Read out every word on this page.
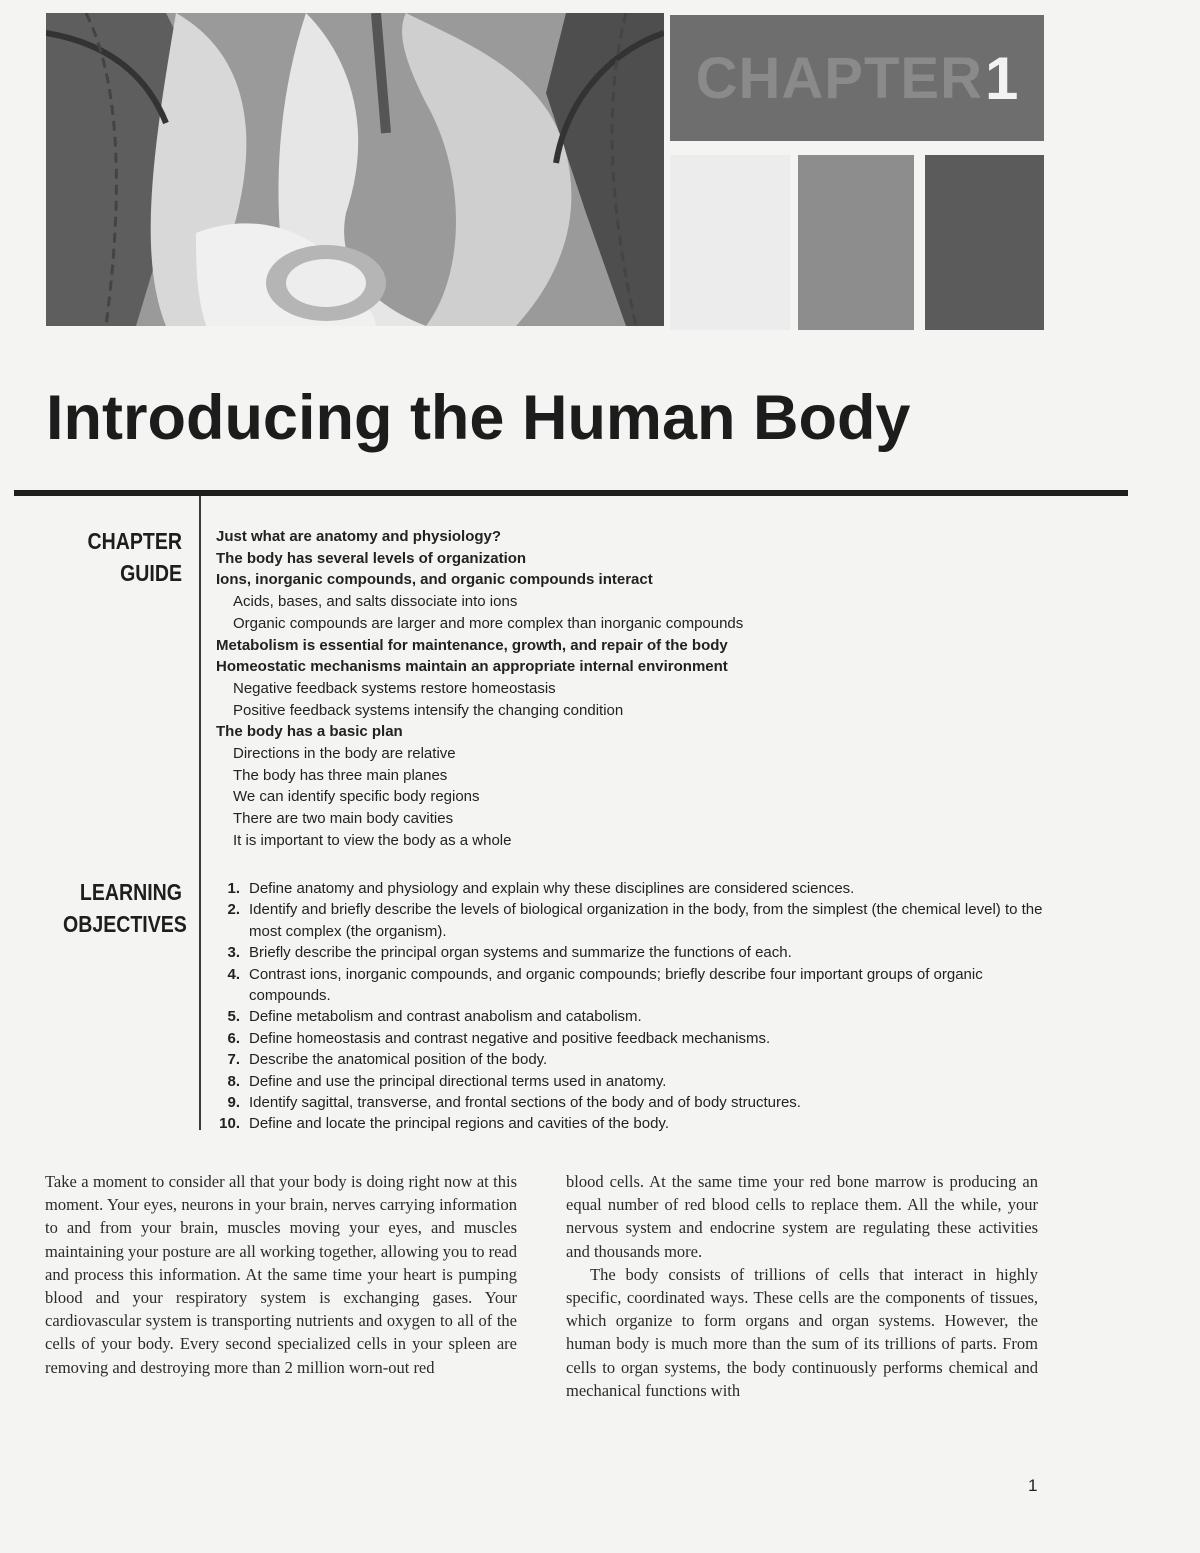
CHAPTER 1
Introducing the Human Body
CHAPTER
GUIDE
Just what are anatomy and physiology?
The body has several levels of organization
Ions, inorganic compounds, and organic compounds interact
Acids, bases, and salts dissociate into ions
Organic compounds are larger and more complex than inorganic compounds
Metabolism is essential for maintenance, growth, and repair of the body
Homeostatic mechanisms maintain an appropriate internal environment
Negative feedback systems restore homeostasis
Positive feedback systems intensify the changing condition
The body has a basic plan
Directions in the body are relative
The body has three main planes
We can identify specific body regions
There are two main body cavities
It is important to view the body as a whole
LEARNING
OBJECTIVES
1. Define anatomy and physiology and explain why these disciplines are considered sciences.
2. Identify and briefly describe the levels of biological organization in the body, from the simplest (the chemical level) to the most complex (the organism).
3. Briefly describe the principal organ systems and summarize the functions of each.
4. Contrast ions, inorganic compounds, and organic compounds; briefly describe four important groups of organic compounds.
5. Define metabolism and contrast anabolism and catabolism.
6. Define homeostasis and contrast negative and positive feedback mechanisms.
7. Describe the anatomical position of the body.
8. Define and use the principal directional terms used in anatomy.
9. Identify sagittal, transverse, and frontal sections of the body and of body structures.
10. Define and locate the principal regions and cavities of the body.

Take a moment to consider all that your body is doing right now at this moment. Your eyes, neurons in your brain, nerves carrying information to and from your brain, muscles moving your eyes, and muscles maintaining your posture are all working together, allowing you to read and process this information. At the same time your heart is pumping blood and your respiratory system is exchanging gases. Your cardiovascular system is transporting nutrients and oxygen to all of the cells of your body. Every second specialized cells in your spleen are removing and destroying more than 2 million worn-out red

blood cells. At the same time your red bone marrow is producing an equal number of red blood cells to replace them. All the while, your nervous system and endocrine system are regulating these activities and thousands more.

The body consists of trillions of cells that interact in highly specific, coordinated ways. These cells are the components of tissues, which organize to form organs and organ systems. However, the human body is much more than the sum of its trillions of parts. From cells to organ systems, the body continuously performs chemical and mechanical functions with

1
